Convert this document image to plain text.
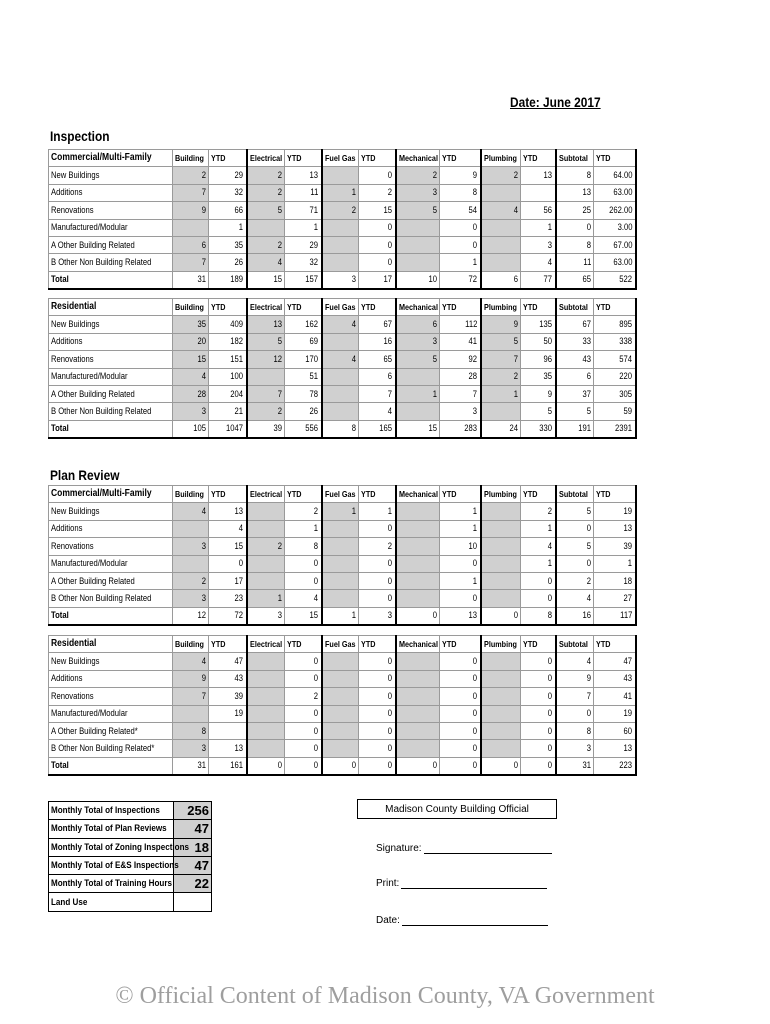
Date: June 2017
Inspection
Commercial/Multi-Family	Building	YTD	Electrical	YTD	Fuel Gas	YTD	Mechanical	YTD	Plumbing	YTD	Subtotal	YTD
New Buildings	2	29	2	13		0	2	9	2	13	8	64.00
Additions	7	32	2	11	1	2	3	8			13	63.00
Renovations	9	66	5	71	2	15	5	54	4	56	25	262.00
Manufactured/Modular		1		1		0		0		1	0	3.00
A Other Building Related	6	35	2	29		0		0		3	8	67.00
B Other Non Building Related	7	26	4	32		0		1		4	11	63.00
Total	31	189	15	157	3	17	10	72	6	77	65	522
Residential	Building	YTD	Electrical	YTD	Fuel Gas	YTD	Mechanical	YTD	Plumbing	YTD	Subtotal	YTD
New Buildings	35	409	13	162	4	67	6	112	9	135	67	895
Additions	20	182	5	69		16	3	41	5	50	33	338
Renovations	15	151	12	170	4	65	5	92	7	96	43	574
Manufactured/Modular	4	100		51		6		28	2	35	6	220
A Other Building Related	28	204	7	78		7	1	7	1	9	37	305
B Other Non Building Related	3	21	2	26		4		3		5	5	59
Total	105	1047	39	556	8	165	15	283	24	330	191	2391
Plan Review
Commercial/Multi-Family	Building	YTD	Electrical	YTD	Fuel Gas	YTD	Mechanical	YTD	Plumbing	YTD	Subtotal	YTD
New Buildings	4	13		2	1	1		1		2	5	19
Additions		4		1		0		1		1	0	13
Renovations	3	15	2	8		2		10		4	5	39
Manufactured/Modular		0		0		0		0		1	0	1
A Other Building Related	2	17		0		0		1		0	2	18
B Other Non Building Related	3	23	1	4		0		0		0	4	27
Total	12	72	3	15	1	3	0	13	0	8	16	117
Residential	Building	YTD	Electrical	YTD	Fuel Gas	YTD	Mechanical	YTD	Plumbing	YTD	Subtotal	YTD
New Buildings	4	47		0		0		0		0	4	47
Additions	9	43		0		0		0		0	9	43
Renovations	7	39		2		0		0		0	7	41
Manufactured/Modular		19		0		0		0		0	0	19
A Other Building Related*	8			0		0		0		0	8	60
B Other Non Building Related*	3	13		0		0		0		0	3	13
Total	31	161	0	0	0	0	0	0	0	0	31	223
Monthly Total of Inspections	256
Monthly Total of Plan Reviews	47
Monthly Total of Zoning Inspections	18
Monthly Total of E&S Inspections	47
Monthly Total of Training Hours	22
Land Use	
Madison County Building Official
Signature:
Print:
Date:
© Official Content of Madison County, VA Government
